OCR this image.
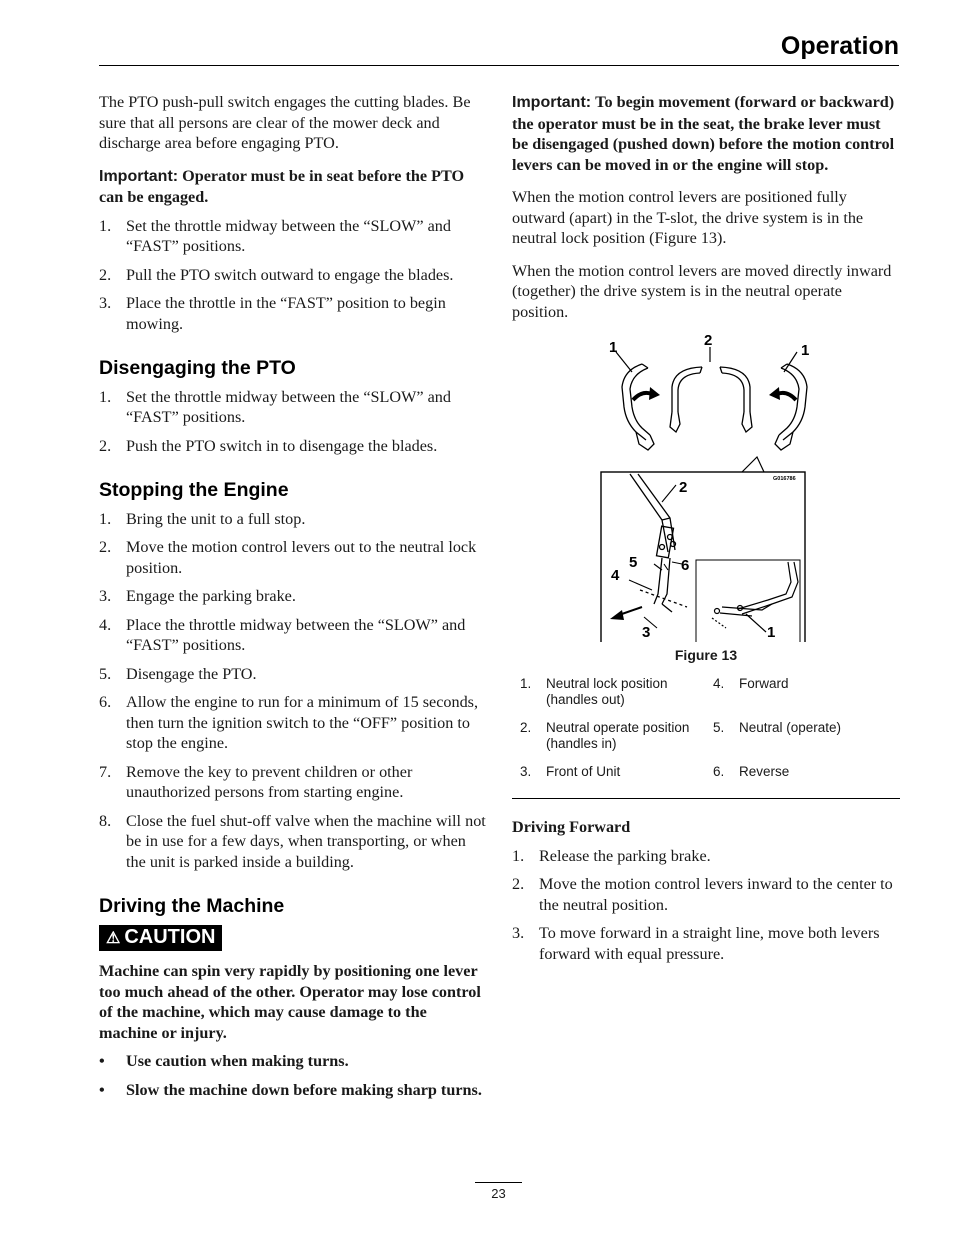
Operation

The PTO push-pull switch engages the cutting blades. Be sure that all persons are clear of the mower deck and discharge area before engaging PTO.

Important: Operator must be in seat before the PTO can be engaged.

1. Set the throttle midway between the “SLOW” and “FAST” positions.
2. Pull the PTO switch outward to engage the blades.
3. Place the throttle in the “FAST” position to begin mowing.
Disengaging the PTO
1. Set the throttle midway between the “SLOW” and “FAST” positions.
2. Push the PTO switch in to disengage the blades.
Stopping the Engine
1. Bring the unit to a full stop.
2. Move the motion control levers out to the neutral lock position.
3. Engage the parking brake.
4. Place the throttle midway between the “SLOW” and “FAST” positions.
5. Disengage the PTO.
6. Allow the engine to run for a minimum of 15 seconds, then turn the ignition switch to the “OFF” position to stop the engine.
7. Remove the key to prevent children or other unauthorized persons from starting engine.
8. Close the fuel shut-off valve when the machine will not be in use for a few days, when transporting, or when the unit is parked inside a building.
Driving the Machine
⚠ CAUTION

Machine can spin very rapidly by positioning one lever too much ahead of the other. Operator may lose control of the machine, which may cause damage to the machine or injury.

• Use caution when making turns.
• Slow the machine down before making sharp turns.

Important: To begin movement (forward or backward) the operator must be in the seat, the brake lever must be disengaged (pushed down) before the motion control levers can be moved in or the engine will stop.

When the motion control levers are positioned fully outward (apart) in the T-slot, the drive system is in the neutral lock position (Figure 13).

When the motion control levers are moved directly inward (together) the drive system is in the neutral operate position.

1	2
1
G016786
2
5	6
4
3	1
Figure 13
1.	Neutral lock position (handles out)	4.	Forward
2.	Neutral operate position (handles in)	5.	Neutral (operate)
3.	Front of Unit	6.	Reverse
Driving Forward
1. Release the parking brake.
2. Move the motion control levers inward to the center to the neutral position.
3. To move forward in a straight line, move both levers forward with equal pressure.
23
